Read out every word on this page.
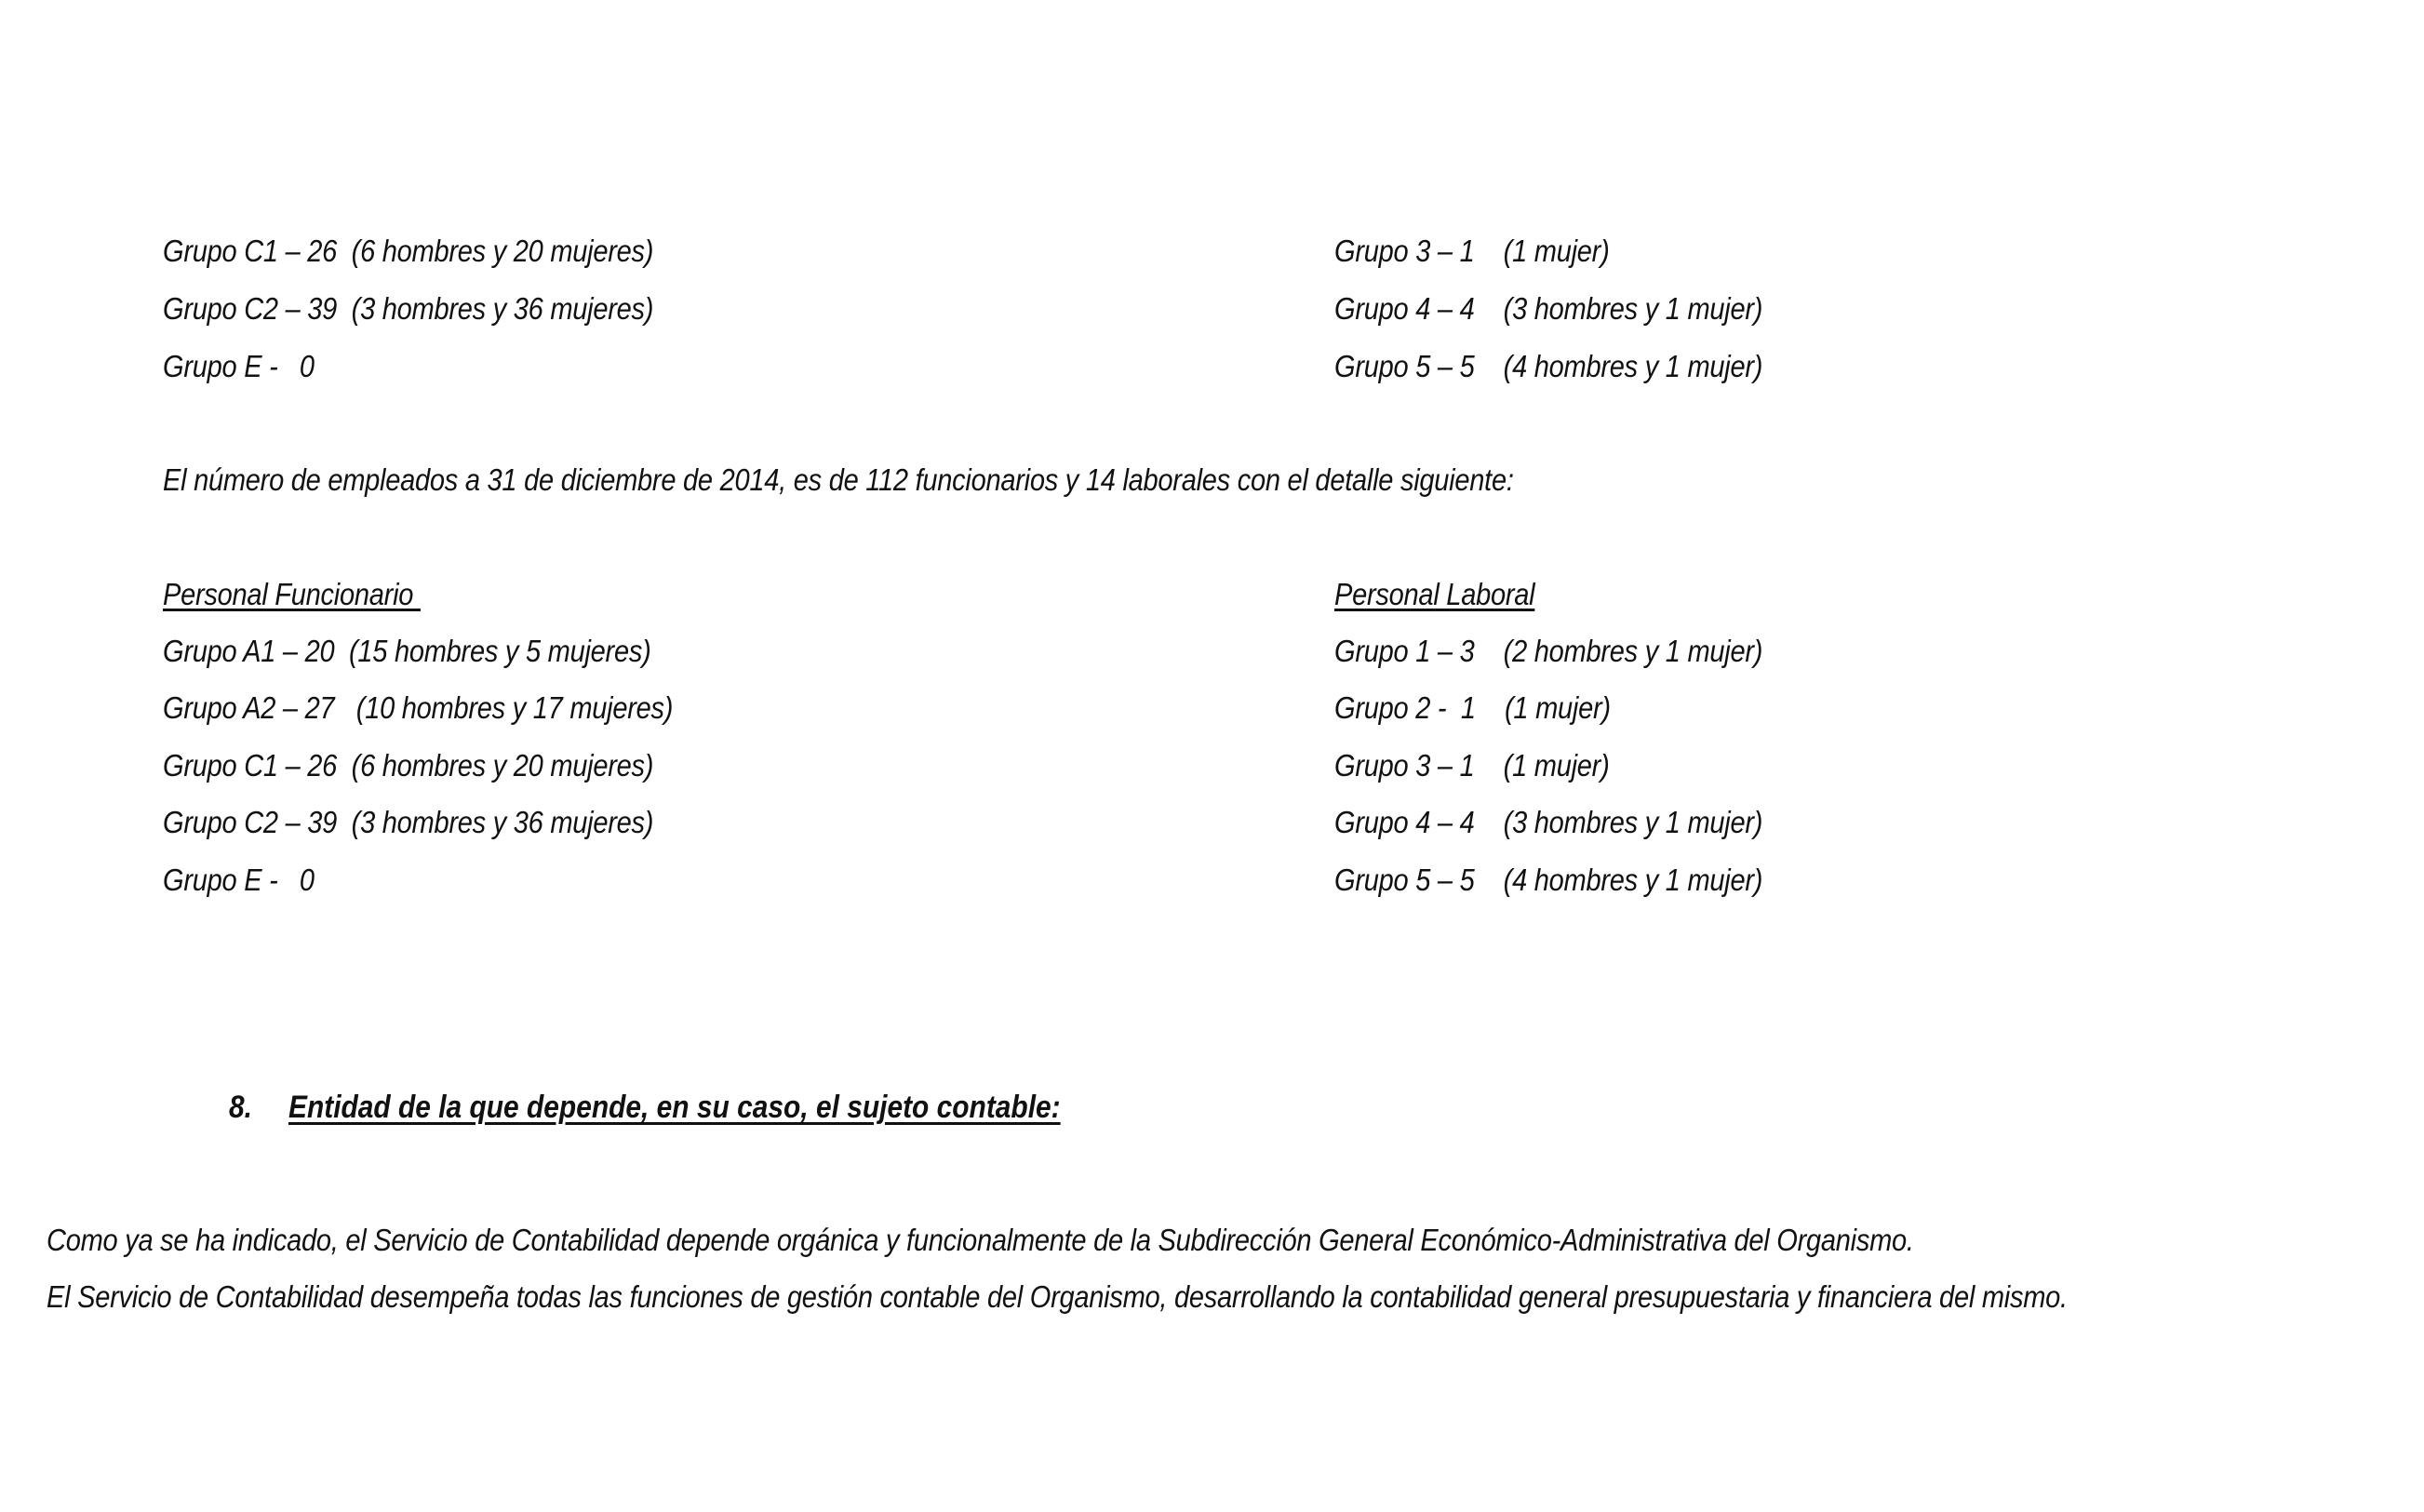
Grupo C1 – 26  (6 hombres y 20 mujeres)
Grupo C2 – 39  (3 hombres y 36 mujeres)
Grupo E -   0
Grupo 3 – 1    (1 mujer)
Grupo 4 – 4    (3 hombres y 1 mujer)
Grupo 5 – 5    (4 hombres y 1 mujer)
El número de empleados a 31 de diciembre de 2014, es de 112 funcionarios y 14 laborales con el detalle siguiente:
Personal Funcionario
Grupo A1 – 20  (15 hombres y 5 mujeres)
Grupo A2 – 27   (10 hombres y 17 mujeres)
Grupo C1 – 26  (6 hombres y 20 mujeres)
Grupo C2 – 39  (3 hombres y 36 mujeres)
Grupo E -   0
Personal Laboral
Grupo 1 – 3    (2 hombres y 1 mujer)
Grupo 2 -  1    (1 mujer)
Grupo 3 – 1    (1 mujer)
Grupo 4 – 4    (3 hombres y 1 mujer)
Grupo 5 – 5    (4 hombres y 1 mujer)
8. Entidad de la que depende, en su caso, el sujeto contable:
Como ya se ha indicado, el Servicio de Contabilidad depende orgánica y funcionalmente de la Subdirección General Económico-Administrativa del Organismo.
El Servicio de Contabilidad desempeña todas las funciones de gestión contable del Organismo, desarrollando la contabilidad general presupuestaria y financiera del mismo.
